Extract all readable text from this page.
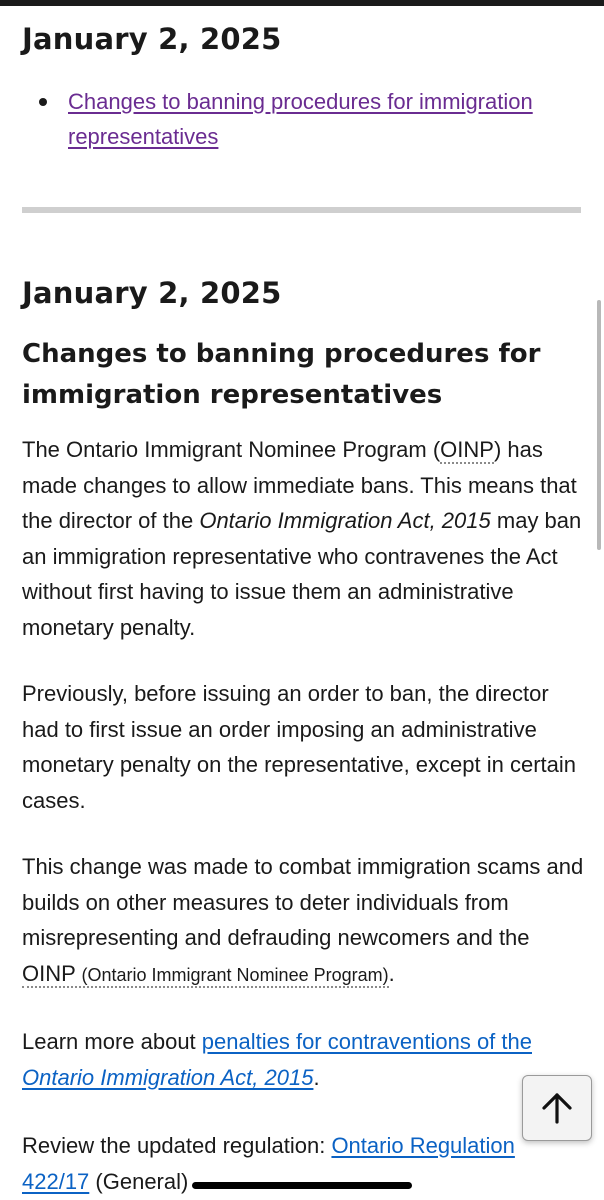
January 2, 2025
Changes to banning procedures for immigration representatives
January 2, 2025
Changes to banning procedures for immigration representatives

The Ontario Immigrant Nominee Program (OINP) has made changes to allow immediate bans. This means that the director of the Ontario Immigration Act, 2015 may ban an immigration representative who contravenes the Act without first having to issue them an administrative monetary penalty.

Previously, before issuing an order to ban, the director had to first issue an order imposing an administrative monetary penalty on the representative, except in certain cases.

This change was made to combat immigration scams and builds on other measures to deter individuals from misrepresenting and defrauding newcomers and the OINP (Ontario Immigrant Nominee Program).

Learn more about penalties for contraventions of the Ontario Immigration Act, 2015.

Review the updated regulation: Ontario Regulation 422/17 (General)
